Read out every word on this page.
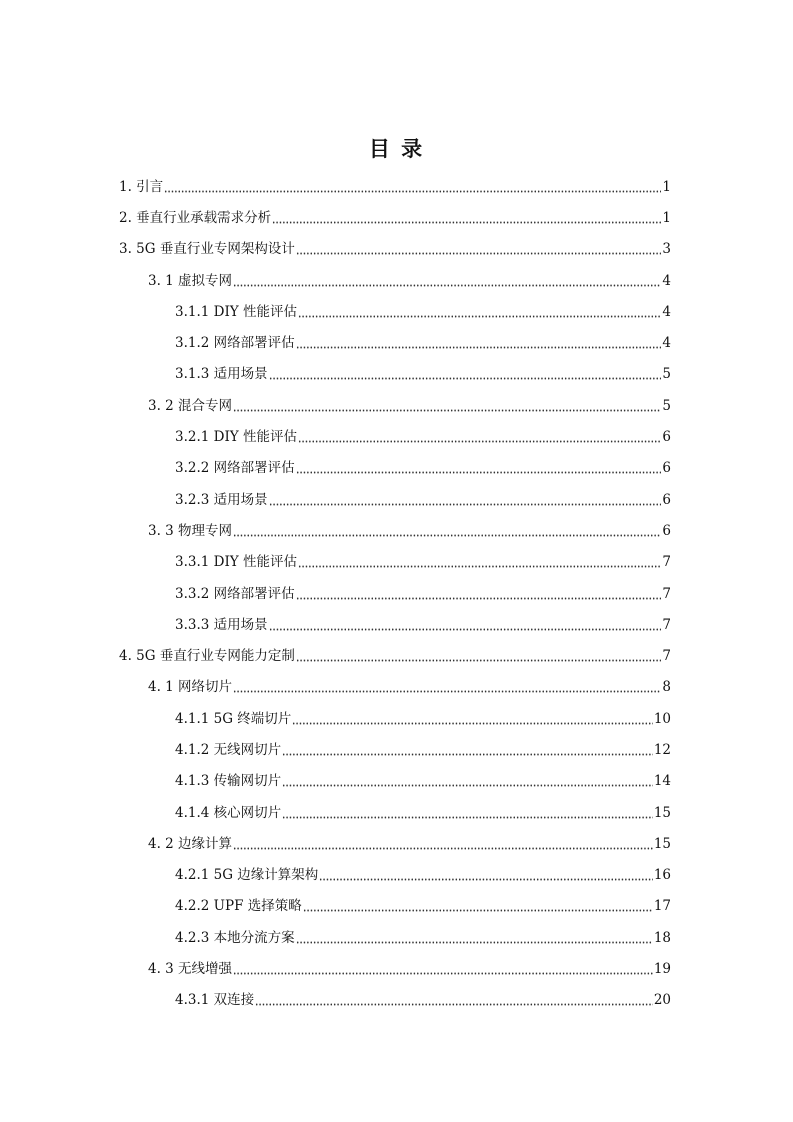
目 录
1. 引言	1
2. 垂直行业承载需求分析	1
3. 5G 垂直行业专网架构设计	3
3. 1 虚拟专网	4
3.1.1 DIY 性能评估	4
3.1.2 网络部署评估	4
3.1.3 适用场景	5
3. 2 混合专网	5
3.2.1 DIY 性能评估	6
3.2.2 网络部署评估	6
3.2.3 适用场景	6
3. 3 物理专网	6
3.3.1 DIY 性能评估	7
3.3.2 网络部署评估	7
3.3.3 适用场景	7
4. 5G 垂直行业专网能力定制	7
4. 1 网络切片	8
4.1.1 5G 终端切片	10
4.1.2 无线网切片	12
4.1.3 传输网切片	14
4.1.4 核心网切片	15
4. 2 边缘计算	15
4.2.1 5G 边缘计算架构	16
4.2.2 UPF 选择策略	17
4.2.3 本地分流方案	18
4. 3 无线增强	19
4.3.1 双连接	20
